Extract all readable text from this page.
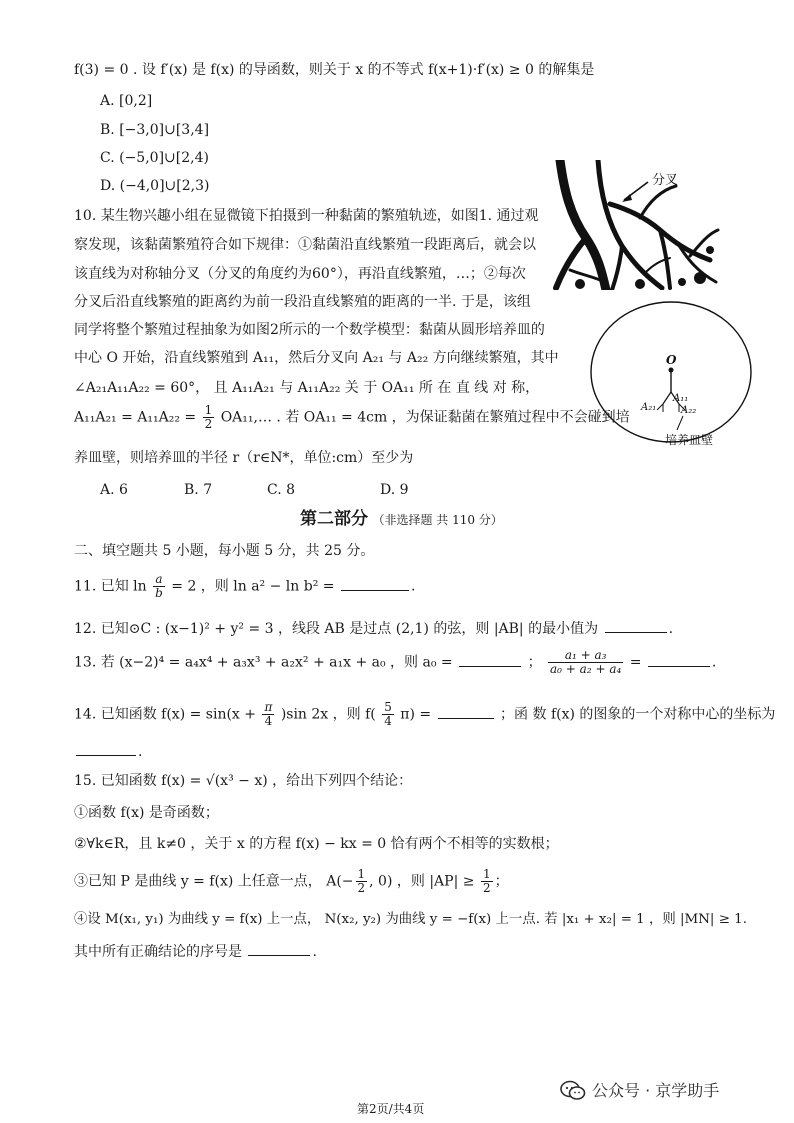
f(3) = 0 . 设 f′(x) 是 f(x) 的导函数，则关于 x 的不等式 f(x+1)·f′(x) ≥ 0 的解集是
A. [0,2]
B. [−3,0]∪[3,4]
C. (−5,0]∪[2,4)
D. (−4,0]∪[2,3)	分叉
10. 某生物兴趣小组在显微镜下拍摄到一种黏菌的繁殖轨迹，如图1. 通过观
察发现，该黏菌繁殖符合如下规律：①黏菌沿直线繁殖一段距离后，就会以
该直线为对称轴分叉（分叉的角度约为60°），再沿直线繁殖，…；②每次
分叉后沿直线繁殖的距离约为前一段沿直线繁殖的距离的一半. 于是，该组
同学将整个繁殖过程抽象为如图2所示的一个数学模型：黏菌从圆形培养皿的
中心 O 开始，沿直线繁殖到 A₁₁，然后分叉向 A₂₁ 与 A₂₂ 方向继续繁殖，其中
∠A₂₁A₁₁A₂₂ = 60°， 且 A₁₁A₂₁ 与 A₁₁A₂₂ 关 于 OA₁₁ 所 在 直 线 对 称，
$A_{11}A_{21} = A_{11}A_{22} = \frac{1}{2}$ OA₁₁,… . 若 OA₁₁ = 4cm ，为保证黏菌在繁殖过程中不会碰到培
养皿壁，则培养皿的半径 r（r∈N*，单位:cm）至少为
O
A₁₁
A₂₁ A₂₂
培养皿壁
A. 6	B. 7	C. 8	D. 9
第二部分 （非选择题 共 110 分）
二、填空题共 5 小题，每小题 5 分，共 25 分。
11. 已知 $\ln \frac{a}{b} = 2$ ，则 ln a² − ln b² =	.
12. 已知⊙C : (x−1)² + y² = 3 ，线段 AB 是过点 (2,1) 的弦，则 |AB| 的最小值为	.
13. 若 (x−2)⁴ = a₄x⁴ + a₃x³ + a₂x² + a₁x + a₀ ，则 a₀ =	； $\frac{\text{a₁ + a₃}}{\text{a₀ + a₂ + a₄}}$ =	.
14. 已知函数 $f(x) = \sin(x + \frac{\pi}{4} )\sin$ 2x ，则 $f( \frac{5}{4} \pi)$ =	；函 数 f(x) 的图象的一个对称中心的坐标为
.
15. 已知函数 f(x) = √(x³ − x) ，给出下列四个结论：
①函数 f(x) 是奇函数；
②∀k∈R，且 k≠0 ，关于 x 的方程 f(x) − kx = 0 恰有两个不相等的实数根；
③已知 P 是曲线 y = f(x) 上任意一点， $A(- \frac{1}{2}$ , 0) ，则 $|AP| \ge \frac{1}{2}$ ；
④设 M(x₁, y₁) 为曲线 y = f(x) 上一点， N(x₂, y₂) 为曲线 y = −f(x) 上一点. 若 |x₁ + x₂| = 1 ，则 |MN| ≥ 1.
其中所有正确结论的序号是	.
公众号 · 京学助手
第2页/共4页
